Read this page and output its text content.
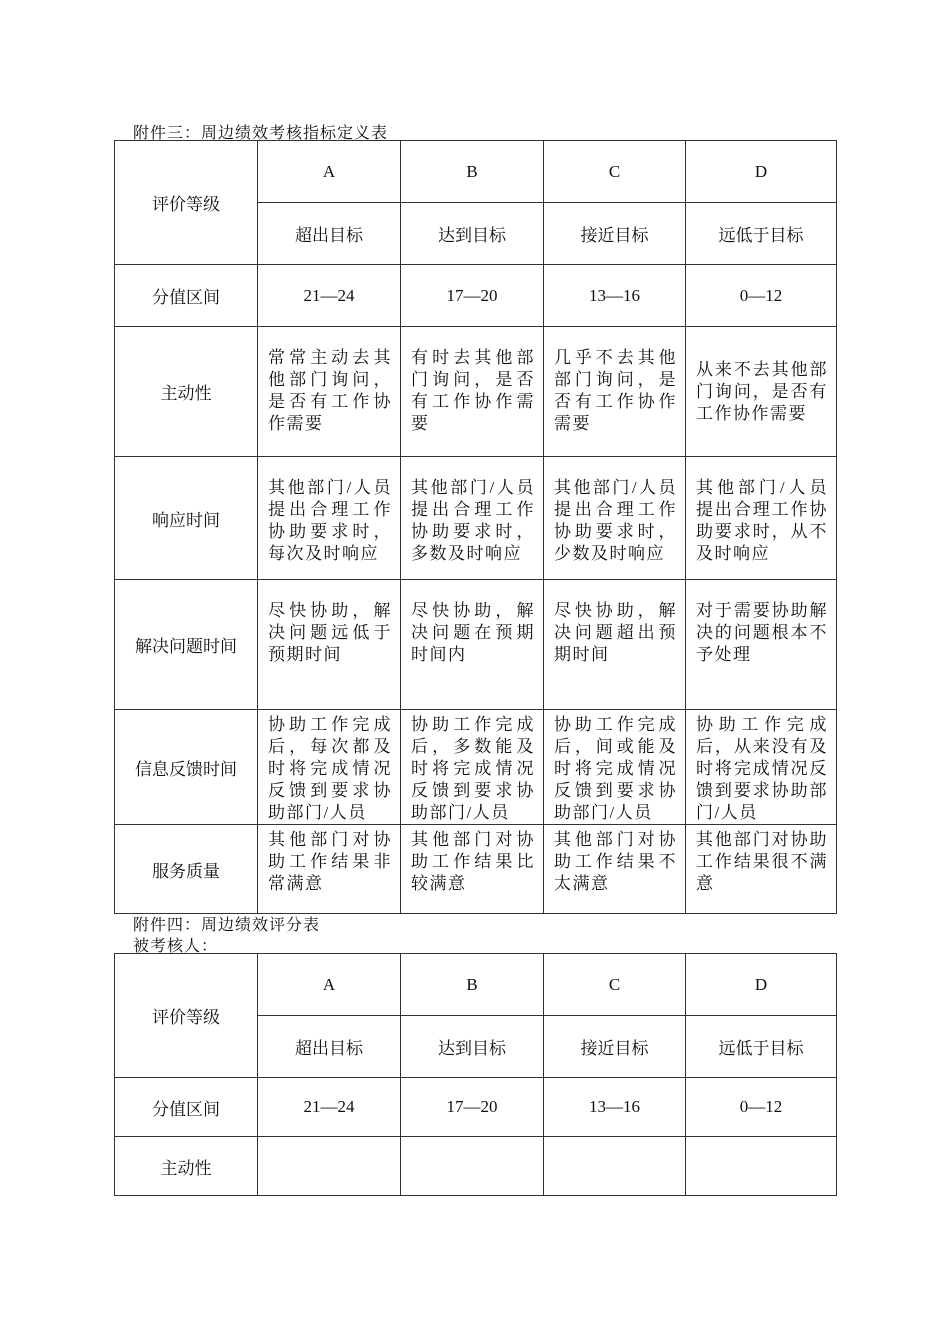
附件三：周边绩效考核指标定义表
评价等级	A	B	C	D
	超出目标	达到目标	接近目标	远低于目标
分值区间	21—24	17—20	13—16	0—12
主动性	常常主动去其他部门询问，是否有工作协作需要	有时去其他部门询问，是否有工作协作需要	几乎不去其他部门询问，是否有工作协作需要	从来不去其他部门询问，是否有工作协作需要
响应时间	其他部门/人员提出合理工作协助要求时，每次及时响应	其他部门/人员提出合理工作协助要求时，多数及时响应	其他部门/人员提出合理工作协助要求时，少数及时响应	其他部门/人员提出合理工作协助要求时，从不及时响应
解决问题时间	尽快协助，解决问题远低于预期时间	尽快协助，解决问题在预期时间内	尽快协助，解决问题超出预期时间	对于需要协助解决的问题根本不予处理
信息反馈时间	协助工作完成后，每次都及时将完成情况反馈到要求协助部门/人员	协助工作完成后，多数能及时将完成情况反馈到要求协助部门/人员	协助工作完成后，间或能及时将完成情况反馈到要求协助部门/人员	协助工作完成后，从来没有及时将完成情况反馈到要求协助部门/人员
服务质量	其他部门对协助工作结果非常满意	其他部门对协助工作结果比较满意	其他部门对协助工作结果不太满意	其他部门对协助工作结果很不满意
附件四：周边绩效评分表
被考核人：
评价等级	A	B	C	D
	超出目标	达到目标	接近目标	远低于目标
分值区间	21—24	17—20	13—16	0—12
主动性				
